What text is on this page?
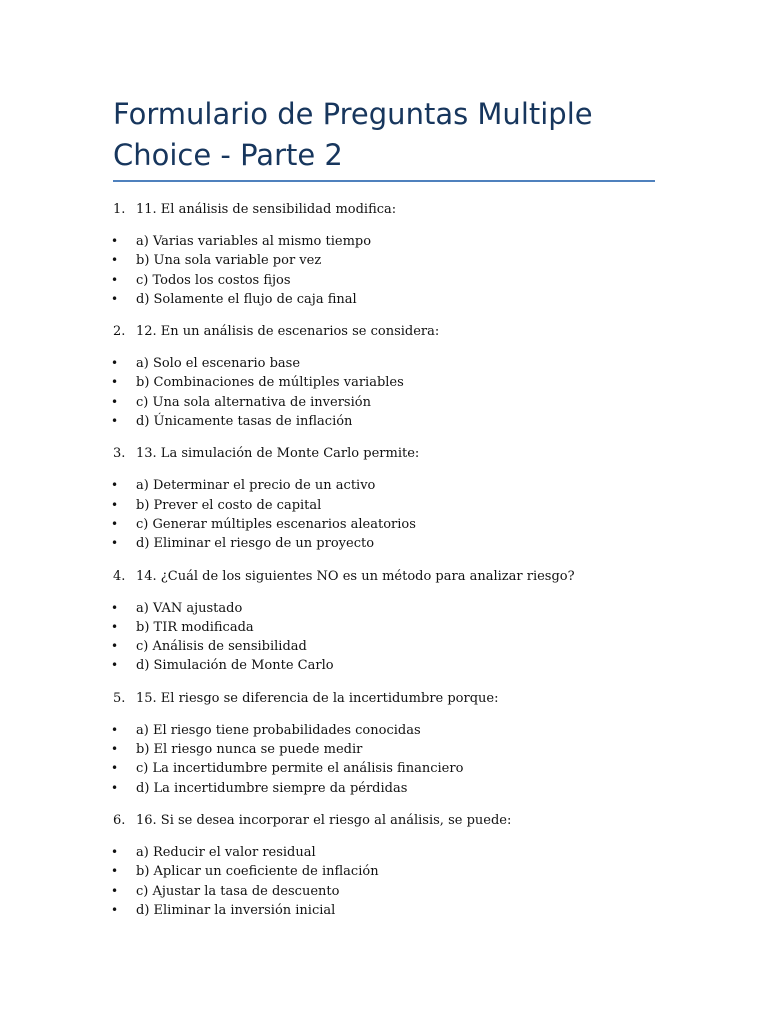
Formulario de Preguntas Multiple Choice - Parte 2
1. 11. El análisis de sensibilidad modifica:
• a) Varias variables al mismo tiempo
• b) Una sola variable por vez
• c) Todos los costos fijos
• d) Solamente el flujo de caja final
2. 12. En un análisis de escenarios se considera:
• a) Solo el escenario base
• b) Combinaciones de múltiples variables
• c) Una sola alternativa de inversión
• d) Únicamente tasas de inflación
3. 13. La simulación de Monte Carlo permite:
• a) Determinar el precio de un activo
• b) Prever el costo de capital
• c) Generar múltiples escenarios aleatorios
• d) Eliminar el riesgo de un proyecto
4. 14. ¿Cuál de los siguientes NO es un método para analizar riesgo?
• a) VAN ajustado
• b) TIR modificada
• c) Análisis de sensibilidad
• d) Simulación de Monte Carlo
5. 15. El riesgo se diferencia de la incertidumbre porque:
• a) El riesgo tiene probabilidades conocidas
• b) El riesgo nunca se puede medir
• c) La incertidumbre permite el análisis financiero
• d) La incertidumbre siempre da pérdidas
6. 16. Si se desea incorporar el riesgo al análisis, se puede:
• a) Reducir el valor residual
• b) Aplicar un coeficiente de inflación
• c) Ajustar la tasa de descuento
• d) Eliminar la inversión inicial
